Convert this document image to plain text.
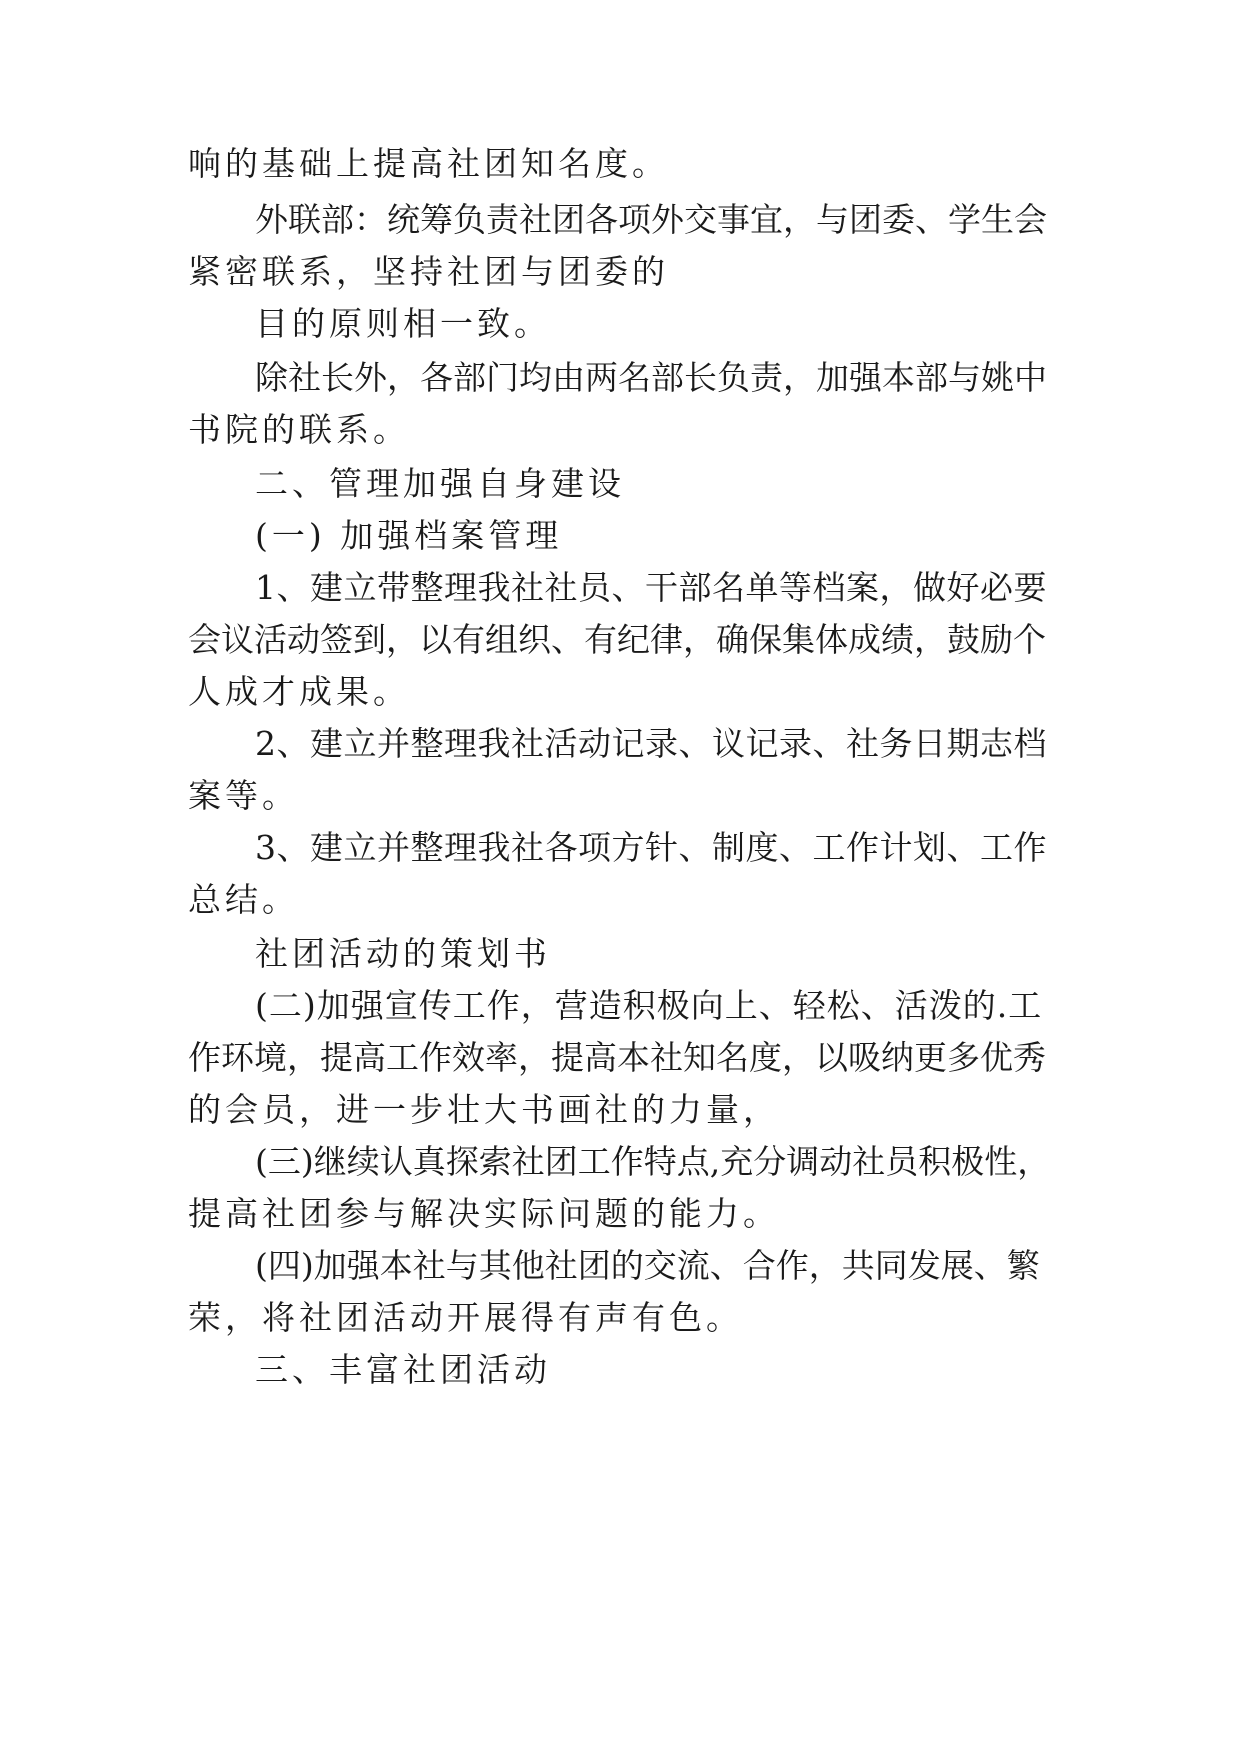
响的基础上提高社团知名度。
外联部：统筹负责社团各项外交事宜，与团委、学生会
紧密联系，坚持社团与团委的
目的原则相一致。
除社长外，各部门均由两名部长负责，加强本部与姚中
书院的联系。
二、管理加强自身建设
(一) 加强档案管理
1、建立带整理我社社员、干部名单等档案，做好必要
会议活动签到，以有组织、有纪律，确保集体成绩，鼓励个
人成才成果。
2、建立并整理我社活动记录、议记录、社务日期志档
案等。
3、建立并整理我社各项方针、制度、工作计划、工作
总结。
社团活动的策划书
(二)加强宣传工作，营造积极向上、轻松、活泼的.工
作环境，提高工作效率，提高本社知名度，以吸纳更多优秀
的会员，进一步壮大书画社的力量，
(三)继续认真探索社团工作特点,充分调动社员积极性，
提高社团参与解决实际问题的能力。
(四)加强本社与其他社团的交流、合作，共同发展、繁
荣，将社团活动开展得有声有色。
三、丰富社团活动
